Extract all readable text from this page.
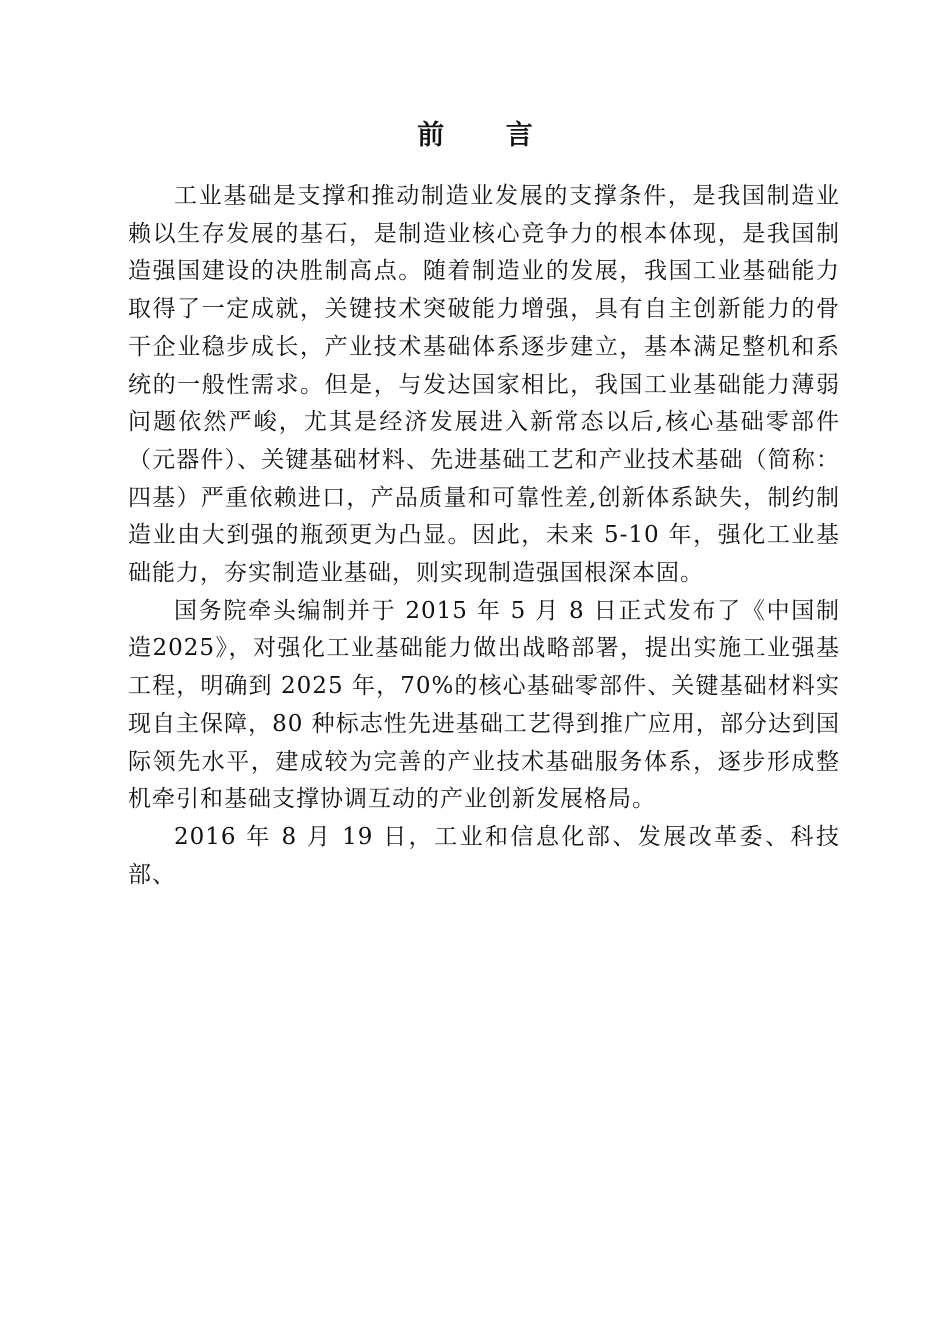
前 言

工业基础是支撑和推动制造业发展的支撑条件，是我国制造业赖以生存发展的基石，是制造业核心竞争力的根本体现，是我国制造强国建设的决胜制高点。随着制造业的发展，我国工业基础能力取得了一定成就，关键技术突破能力增强，具有自主创新能力的骨干企业稳步成长，产业技术基础体系逐步建立，基本满足整机和系统的一般性需求。但是，与发达国家相比，我国工业基础能力薄弱问题依然严峻，尤其是经济发展进入新常态以后,核心基础零部件（元器件）、关键基础材料、先进基础工艺和产业技术基础（简称：四基）严重依赖进口，产品质量和可靠性差,创新体系缺失，制约制造业由大到强的瓶颈更为凸显。因此，未来 5-10 年，强化工业基础能力，夯实制造业基础，则实现制造强国根深本固。

国务院牵头编制并于 2015 年 5 月 8 日正式发布了《中国制造2025》，对强化工业基础能力做出战略部署，提出实施工业强基工程，明确到 2025 年，70%的核心基础零部件、关键基础材料实现自主保障，80 种标志性先进基础工艺得到推广应用，部分达到国际领先水平，建成较为完善的产业技术基础服务体系，逐步形成整机牵引和基础支撑协调互动的产业创新发展格局。

2016 年 8 月 19 日，工业和信息化部、发展改革委、科技部、
